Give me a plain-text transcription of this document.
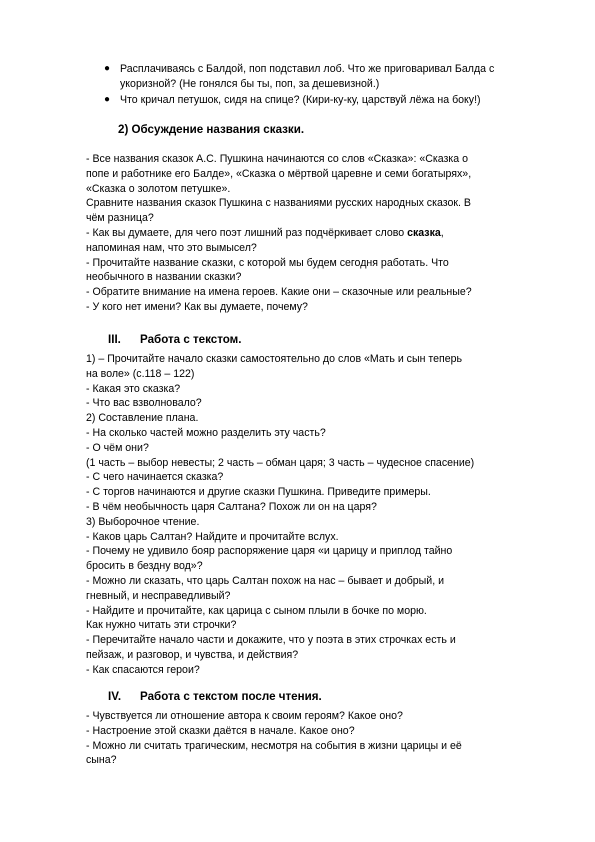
● Расплачиваясь с Балдой, поп подставил лоб. Что же приговаривал Балда с укоризной? (Не гонялся бы ты, поп, за дешевизной.)
● Что кричал петушок, сидя на спице? (Кири-ку-ку, царствуй лёжа на боку!)
2) Обсуждение названия сказки.
- Все названия сказок А.С. Пушкина начинаются со слов «Сказка»: «Сказка о
попе и работнике его Балде», «Сказка о мёртвой царевне и семи богатырях»,
«Сказка о золотом петушке».
Сравните названия сказок Пушкина с названиями русских народных сказок. В
чём разница?
- Как вы думаете, для чего поэт лишний раз подчёркивает слово сказка,
напоминая нам, что это вымысел?
- Прочитайте название сказки, с которой мы будем сегодня работать. Что
необычного в названии сказки?
- Обратите внимание на имена героев. Какие они – сказочные или реальные?
- У кого нет имени? Как вы думаете, почему?
III. Работа с текстом.
1) – Прочитайте начало сказки самостоятельно до слов «Мать и сын теперь
на воле» (с.118 – 122)
- Какая это сказка?
- Что вас взволновало?
2) Составление плана.
- На сколько частей можно разделить эту часть?
- О чём они?
(1 часть – выбор невесты; 2 часть – обман царя; 3 часть – чудесное спасение)
- С чего начинается сказка?
- С торгов начинаются и другие сказки Пушкина. Приведите примеры.
- В чём необычность царя Салтана? Похож ли он на царя?
3) Выборочное чтение.
- Каков царь Салтан? Найдите и прочитайте вслух.
- Почему не удивило бояр распоряжение царя «и царицу и приплод тайно
бросить в бездну вод»?
- Можно ли сказать, что царь Салтан похож на нас – бывает и добрый, и
гневный, и несправедливый?
- Найдите и прочитайте, как царица с сыном плыли в бочке по морю.
Как нужно читать эти строчки?
- Перечитайте начало части и докажите, что у поэта в этих строчках есть и
пейзаж, и разговор, и чувства, и действия?
- Как спасаются герои?
IV. Работа с текстом после чтения.
- Чувствуется ли отношение автора к своим героям? Какое оно?
- Настроение этой сказки даётся в начале. Какое оно?
- Можно ли считать трагическим, несмотря на события в жизни царицы и её
сына?
